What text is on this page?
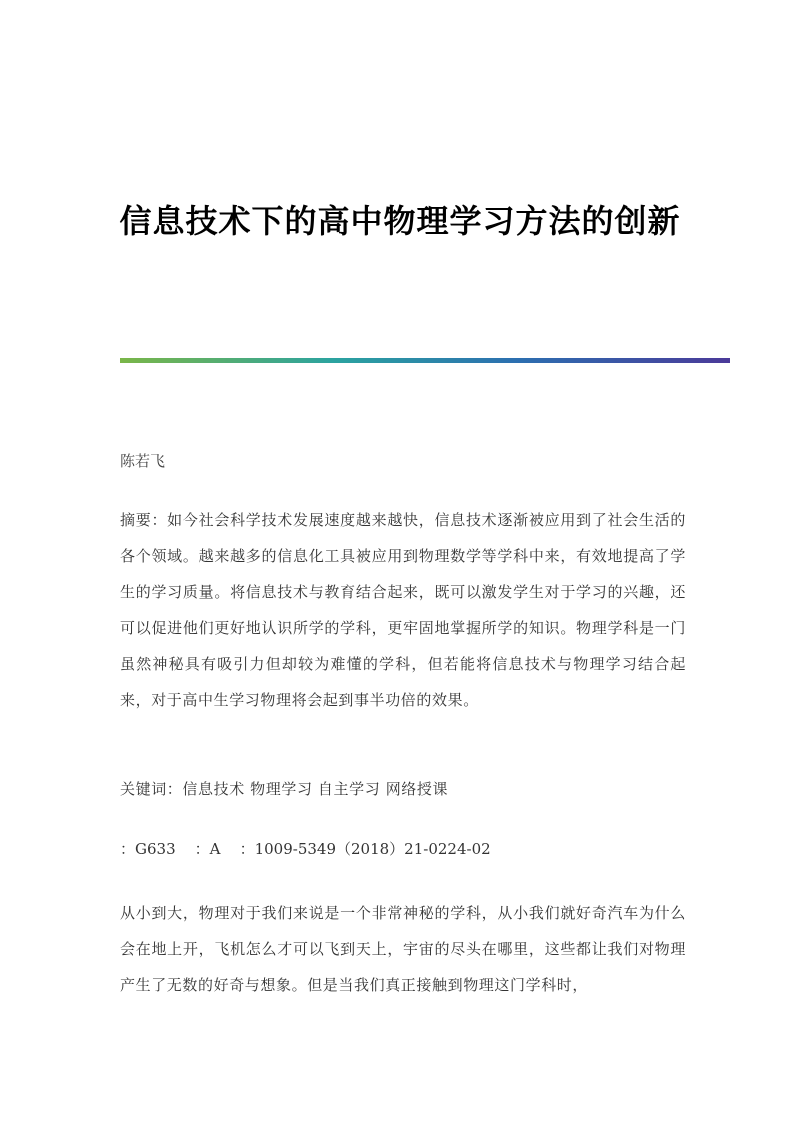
信息技术下的高中物理学习方法的创新
陈若飞
摘要：如今社会科学技术发展速度越来越快，信息技术逐渐被应用到了社会生活的各个领域。越来越多的信息化工具被应用到物理数学等学科中来，有效地提高了学生的学习质量。将信息技术与教育结合起来，既可以激发学生对于学习的兴趣，还可以促进他们更好地认识所学的学科，更牢固地掌握所学的知识。物理学科是一门虽然神秘具有吸引力但却较为难懂的学科，但若能将信息技术与物理学习结合起来，对于高中生学习物理将会起到事半功倍的效果。
关键词：信息技术 物理学习 自主学习 网络授课
：G633    ：A    ：1009-5349（2018）21-0224-02
从小到大，物理对于我们来说是一个非常神秘的学科，从小我们就好奇汽车为什么会在地上开，飞机怎么才可以飞到天上，宇宙的尽头在哪里，这些都让我们对物理产生了无数的好奇与想象。但是当我们真正接触到物理这门学科时，
